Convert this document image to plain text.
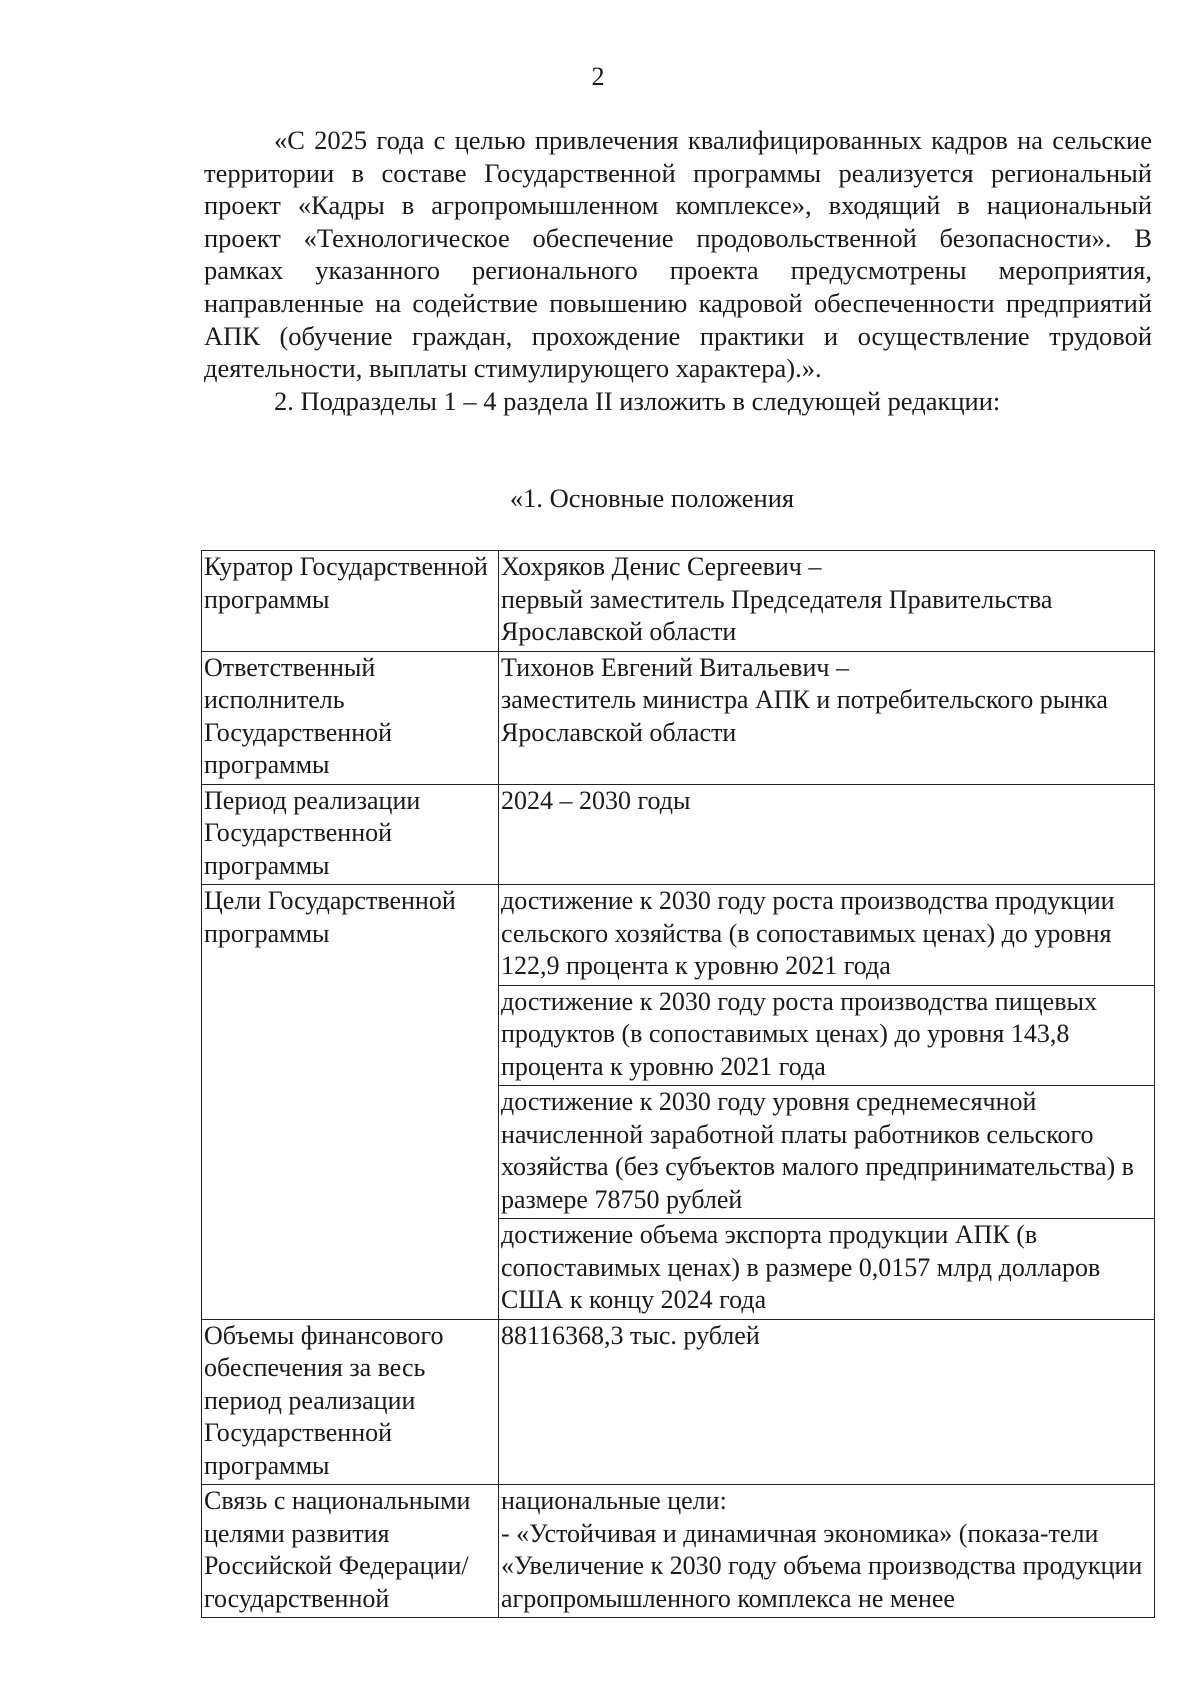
2

«С 2025 года с целью привлечения квалифицированных кадров на сельские территории в составе Государственной программы реализуется региональный проект «Кадры в агропромышленном комплексе», входящий в национальный проект «Технологическое обеспечение продовольственной безопасности». В рамках указанного регионального проекта предусмотрены мероприятия, направленные на содействие повышению кадровой обеспеченности предприятий АПК (обучение граждан, прохождение практики и осуществление трудовой деятельности, выплаты стимулирующего характера).».

2. Подразделы 1 – 4 раздела II изложить в следующей редакции:

«1. Основные положения
Куратор Государственной программы	Хохряков Денис Сергеевич –
первый заместитель Председателя Правительства Ярославской области

Ответственный исполнитель Государственной программы	Тихонов Евгений Витальевич –
заместитель министра АПК и потребительского рынка Ярославской области

Период реализации Государственной программы	2024 – 2030 годы
Цели Государственной программы	достижение к 2030 году роста производства продукции сельского хозяйства (в сопоставимых ценах) до уровня 122,9 процента к уровню 2021 года
	достижение к 2030 году роста производства пищевых продуктов (в сопоставимых ценах) до уровня 143,8 процента к уровню 2021 года
	достижение к 2030 году уровня среднемесячной начисленной заработной платы работников сельского хозяйства (без субъектов малого предпринимательства) в размере 78750 рублей
	достижение объема экспорта продукции АПК (в сопоставимых ценах) в размере 0,0157 млрд долларов США к концу 2024 года
Объемы финансового обеспечения за весь период реализации Государственной программы	88116368,3 тыс. рублей
Связь с национальными целями развития Российской Федерации/ государственной	национальные цели:
- «Устойчивая и динамичная экономика» (показа-тели «Увеличение к 2030 году объема производства продукции агропромышленного комплекса не менее
